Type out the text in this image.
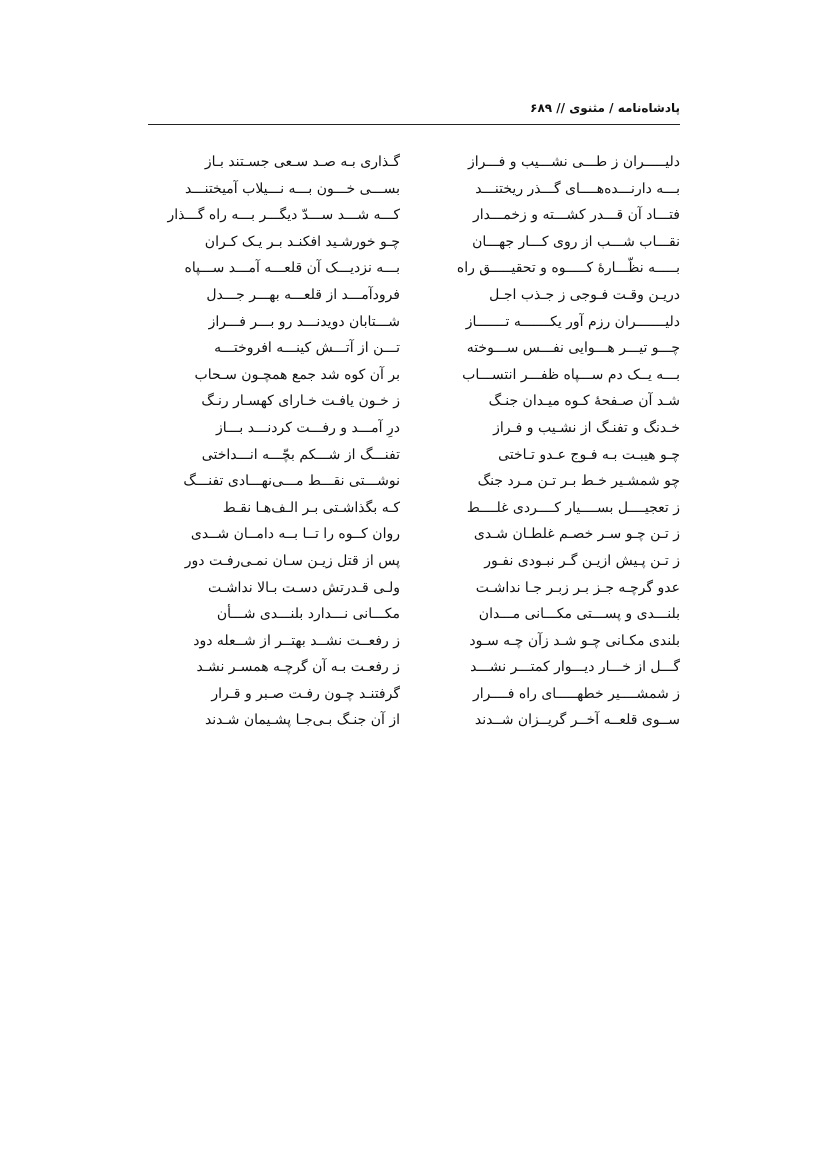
پادشاه‌نامه / مثنوی // ۶۸۹
دلیـــــران ز طـــی نشـــیب و فـــراز
بـــه دارنـــده‌هــــای گـــذر ریختنـــد
فتـــاد آن قـــدر کشـــته و زخمـــدار
نقـــاب شـــب از روی کـــار جهـــان
بـــــه نظّـــارۀ کـــــوه و تحقیـــــق راه
دریـن وقـت فـوجی ز جـذب اجـل
دلیـــــــران رزم آور یکـــــــه تـــــــاز
چـــو تیـــر هـــوایی نفـــس ســـوخته
بـــه یــک دم ســـپاه ظفـــر انتســـاب
شـد آن صـفحۀ کـوه میـدان جنـگ
خـدنگ و تفنـگ از نشـیب و فـراز
چـو هیبـت بـه فـوج عـدو تـاختی
چو شمشـیر خـط بـر تـن مـرد جنگ
ز تعجیــــل بســــیار کــــردی غلــــط
ز تـن چـو سـر خصـم غلطـان شـدی
ز تـن پـیش ازیـن گـر نبـودی نفـور
عدو گرچـه جـز بـر زبـر جـا نداشـت
بلنـــدی و پســـتی مکـــانی مـــدان
بلندی مکـانی چـو شـد زآن چـه سـود
گـــل از خـــار دیـــوار کمتـــر نشـــد
ز شمشــــیر خطهـــــای راه فــــرار
ســوی قلعــه آخــر گریــزان شــدند
گـذاری بـه صـد سـعی جسـتند بـاز
بســـی خـــون بـــه نـــیلاب آمیختنـــد
کـــه شـــد ســـدّ دیگـــر بـــه راه گـــذار
چـو خورشـید افکنـد بـر یـک کـران
بـــه نزدیـــک آن قلعـــه آمـــد ســـپاه
فرودآمـــد از قلعـــه بهـــر جـــدل
شـــتابان دویدنـــد رو بـــر فـــراز
تـــن از آتـــش کینـــه افروختـــه
بر آن کوه شد جمع همچـون سـحاب
ز خـون یافـت خـارای کهسـار رنـگ
درِ آمـــد و رفـــت کردنـــد بـــاز
تفنـــگ از شـــکم بچّـــه انـــداختی
نوشـــتی نقـــط مـــی‌نهـــادی تفنـــگ
کـه بگذاشـتی بـر الـف‌هـا نقـط
روان کــوه را تــا بــه دامــان شــدی
پس از قتل زیـن سـان نمـی‌رفـت دور
ولـی قـدرتش دسـت بـالا نداشـت
مکـــانی نـــدارد بلنـــدی شـــأن
ز رفعــت نشــد بهتــر از شــعله دود
ز رفعـت بـه آن گرچـه همسـر نشـد
گرفتنـد چـون رفـت صـبر و قـرار
از آن جنـگ بـی‌جـا پشـیمان شـدند
